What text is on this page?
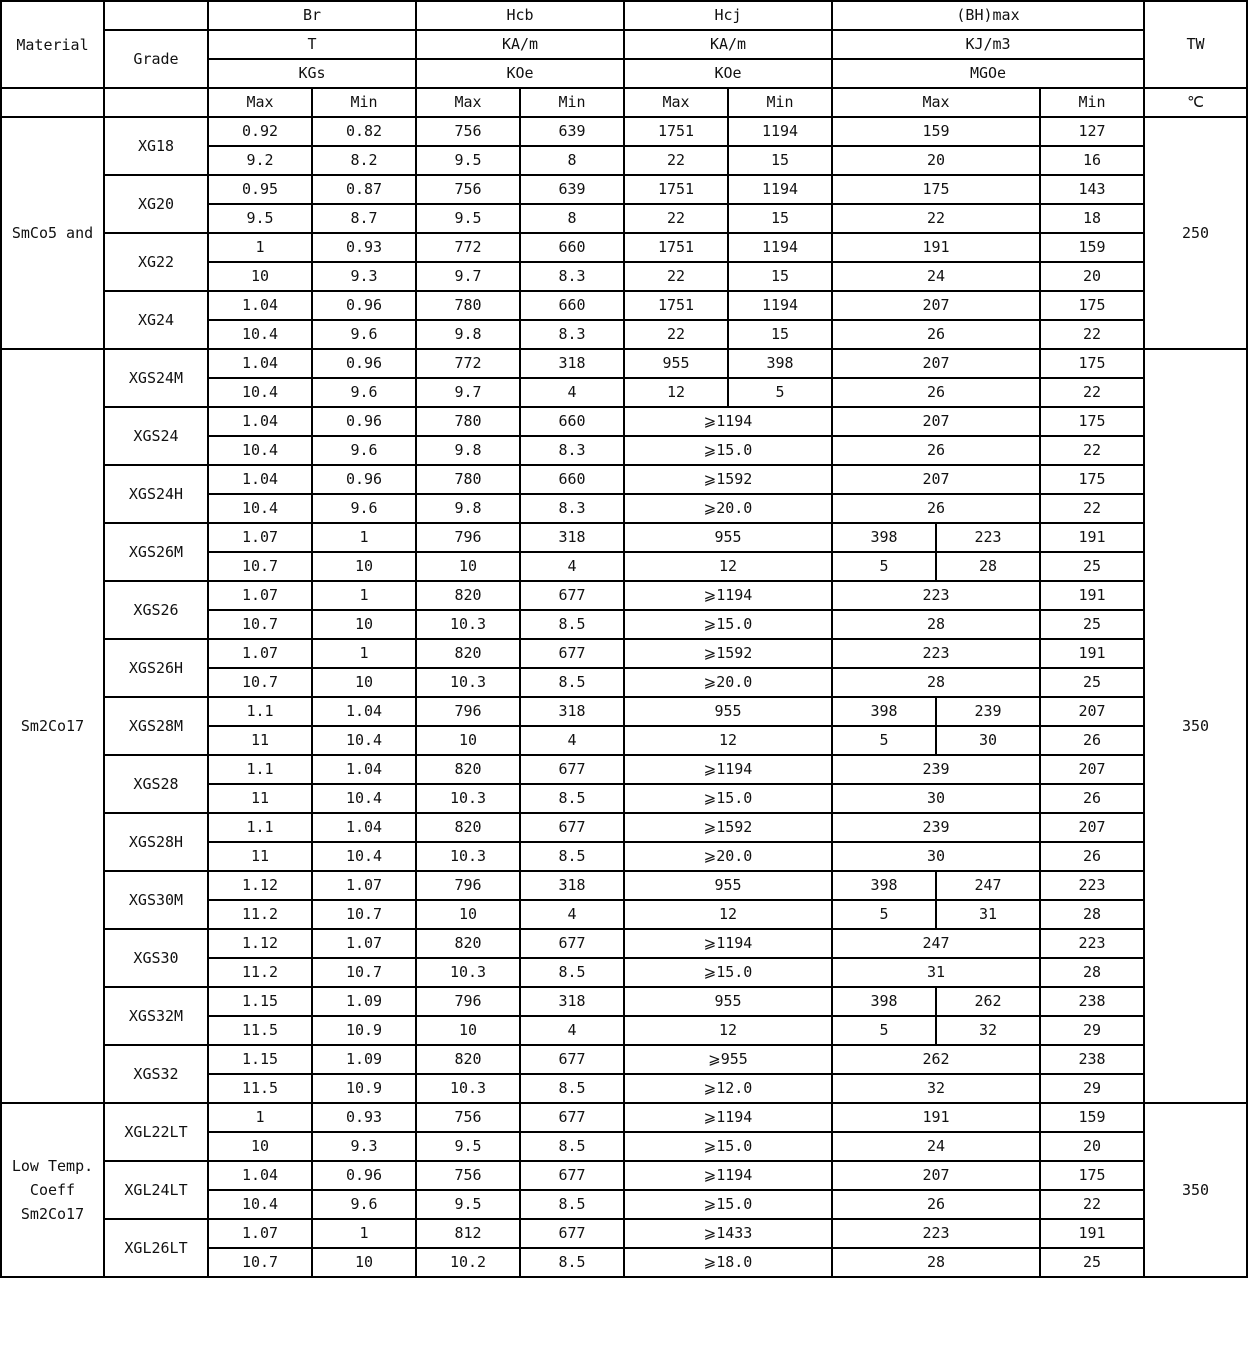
Material		Br		Hcb		Hcj		(BH)max			TW
	Grade	T		KA/m		KA/m		KJ/m3			
		KGs		KOe		KOe		MGOe			
		Max	Min	Max	Min	Max	Min	Max		Min	℃
SmCo5 and	XG18	0.92	0.82	756	639	1751	1194	159		127	250
		9.2	8.2	9.5	8	22	15	20		16	
	XG20	0.95	0.87	756	639	1751	1194	175		143	
		9.5	8.7	9.5	8	22	15	22		18	
	XG22	1	0.93	772	660	1751	1194	191		159	
		10	9.3	9.7	8.3	22	15	24		20	
	XG24	1.04	0.96	780	660	1751	1194	207		175	
		10.4	9.6	9.8	8.3	22	15	26		22	
Sm2Co17	XGS24M	1.04	0.96	772	318	955	398	207		175	350
		10.4	9.6	9.7	4	12	5	26		22	
	XGS24	1.04	0.96	780	660	⩾1194		207		175	
		10.4	9.6	9.8	8.3	⩾15.0		26		22	
	XGS24H	1.04	0.96	780	660	⩾1592		207		175	
		10.4	9.6	9.8	8.3	⩾20.0		26		22	
	XGS26M	1.07	1	796	318	955		398	223	191	
		10.7	10	10	4	12		5	28	25	
	XGS26	1.07	1	820	677	⩾1194		223		191	
		10.7	10	10.3	8.5	⩾15.0		28		25	
	XGS26H	1.07	1	820	677	⩾1592		223		191	
		10.7	10	10.3	8.5	⩾20.0		28		25	
	XGS28M	1.1	1.04	796	318	955		398	239	207	
		11	10.4	10	4	12		5	30	26	
	XGS28	1.1	1.04	820	677	⩾1194		239		207	
		11	10.4	10.3	8.5	⩾15.0		30		26	
	XGS28H	1.1	1.04	820	677	⩾1592		239		207	
		11	10.4	10.3	8.5	⩾20.0		30		26	
	XGS30M	1.12	1.07	796	318	955		398	247	223	
		11.2	10.7	10	4	12		5	31	28	
	XGS30	1.12	1.07	820	677	⩾1194		247		223	
		11.2	10.7	10.3	8.5	⩾15.0		31		28	
	XGS32M	1.15	1.09	796	318	955		398	262	238	
		11.5	10.9	10	4	12		5	32	29	
	XGS32	1.15	1.09	820	677	⩾955		262		238	
		11.5	10.9	10.3	8.5	⩾12.0		32		29	
Low Temp. Coeff Sm2Co17	XGL22LT	1	0.93	756	677	⩾1194		191		159	350
		10	9.3	9.5	8.5	⩾15.0		24		20	
	XGL24LT	1.04	0.96	756	677	⩾1194		207		175	
		10.4	9.6	9.5	8.5	⩾15.0		26		22	
	XGL26LT	1.07	1	812	677	⩾1433		223		191	
		10.7	10	10.2	8.5	⩾18.0		28		25	
